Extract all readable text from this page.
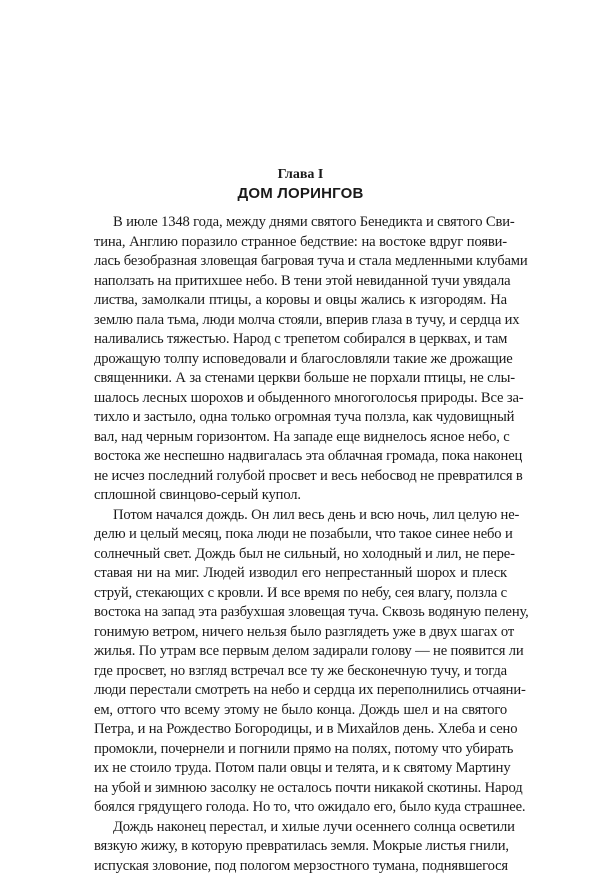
Глава I
ДОМ ЛОРИНГОВ

В июле 1348 года, между днями святого Бенедикта и святого Сви-
тина, Англию поразило странное бедствие: на востоке вдруг появи-
лась безобразная зловещая багровая туча и стала медленными клубами
наползать на притихшее небо. В тени этой невиданной тучи увядала
листва, замолкали птицы, а коровы и овцы жались к изгородям. На
землю пала тьма, люди молча стояли, вперив глаза в тучу, и сердца их
наливались тяжестью. Народ с трепетом собирался в церквах, и там
дрожащую толпу исповедовали и благословляли такие же дрожащие
священники. А за стенами церкви больше не порхали птицы, не слы-
шалось лесных шорохов и обыденного многоголосья природы. Все за-
тихло и застыло, одна только огромная туча ползла, как чудовищный
вал, над черным горизонтом. На западе еще виднелось ясное небо, с
востока же неспешно надвигалась эта облачная громада, пока наконец
не исчез последний голубой просвет и весь небосвод не превратился в
сплошной свинцово-серый купол.

Потом начался дождь. Он лил весь день и всю ночь, лил целую не-
делю и целый месяц, пока люди не позабыли, что такое синее небо и
солнечный свет. Дождь был не сильный, но холодный и лил, не пере-
ставая ни на миг. Людей изводил его непрестанный шорох и плеск
струй, стекающих с кровли. И все время по небу, сея влагу, ползла с
востока на запад эта разбухшая зловещая туча. Сквозь водяную пелену,
гонимую ветром, ничего нельзя было разглядеть уже в двух шагах от
жилья. По утрам все первым делом задирали голову — не появится ли
где просвет, но взгляд встречал все ту же бесконечную тучу, и тогда
люди перестали смотреть на небо и сердца их переполнились отчаяни-
ем, оттого что всему этому не было конца. Дождь шел и на святого
Петра, и на Рождество Богородицы, и в Михайлов день. Хлеба и сено
промокли, почернели и погнили прямо на полях, потому что убирать
их не стоило труда. Потом пали овцы и телята, и к святому Мартину
на убой и зимнюю засолку не осталось почти никакой скотины. Народ
боялся грядущего голода. Но то, что ожидало его, было куда страшнее.

Дождь наконец перестал, и хилые лучи осеннего солнца осветили
вязкую жижу, в которую превратилась земля. Мокрые листья гнили,
испуская зловоние, под пологом мерзостного тумана, поднявшегося
